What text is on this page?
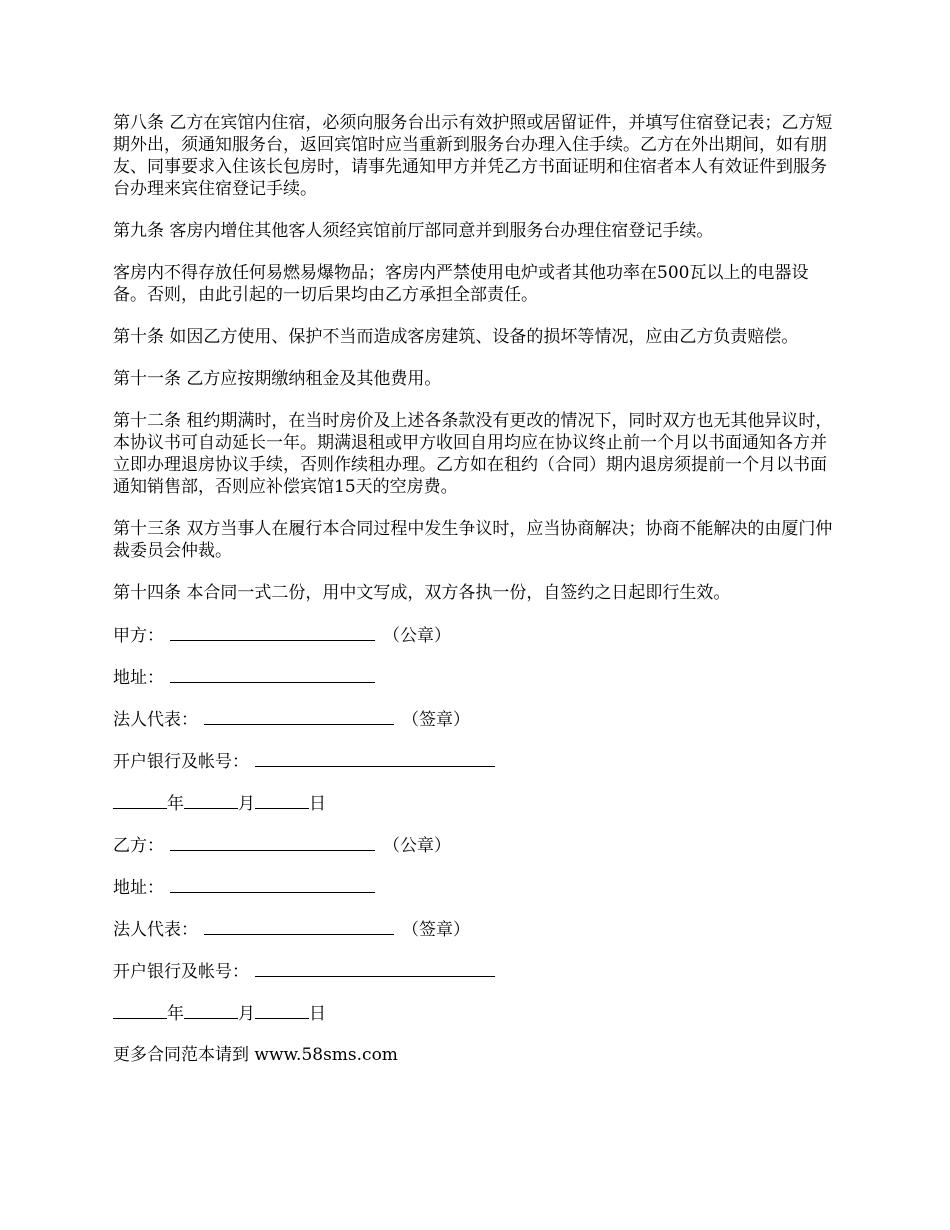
第八条 乙方在宾馆内住宿，必须向服务台出示有效护照或居留证件，并填写住宿登记表；乙方短期外出，须通知服务台，返回宾馆时应当重新到服务台办理入住手续。乙方在外出期间，如有朋友、同事要求入住该长包房时，请事先通知甲方并凭乙方书面证明和住宿者本人有效证件到服务台办理来宾住宿登记手续。

第九条 客房内增住其他客人须经宾馆前厅部同意并到服务台办理住宿登记手续。

客房内不得存放任何易燃易爆物品；客房内严禁使用电炉或者其他功率在500瓦以上的电器设备。否则，由此引起的一切后果均由乙方承担全部责任。

第十条 如因乙方使用、保护不当而造成客房建筑、设备的损坏等情况，应由乙方负责赔偿。

第十一条 乙方应按期缴纳租金及其他费用。

第十二条 租约期满时，在当时房价及上述各条款没有更改的情况下，同时双方也无其他异议时，本协议书可自动延长一年。期满退租或甲方收回自用均应在协议终止前一个月以书面通知各方并立即办理退房协议手续，否则作续租办理。乙方如在租约（合同）期内退房须提前一个月以书面通知销售部，否则应补偿宾馆15天的空房费。

第十三条 双方当事人在履行本合同过程中发生争议时，应当协商解决；协商不能解决的由厦门仲裁委员会仲裁。

第十四条 本合同一式二份，用中文写成，双方各执一份，自签约之日起即行生效。

甲方：	（公章）
地址：
法人代表：	（签章）
开户银行及帐号：
年	月	日
乙方：	（公章）
地址：
法人代表：	（签章）
开户银行及帐号：
年	月	日
更多合同范本请到 www.58sms.com
